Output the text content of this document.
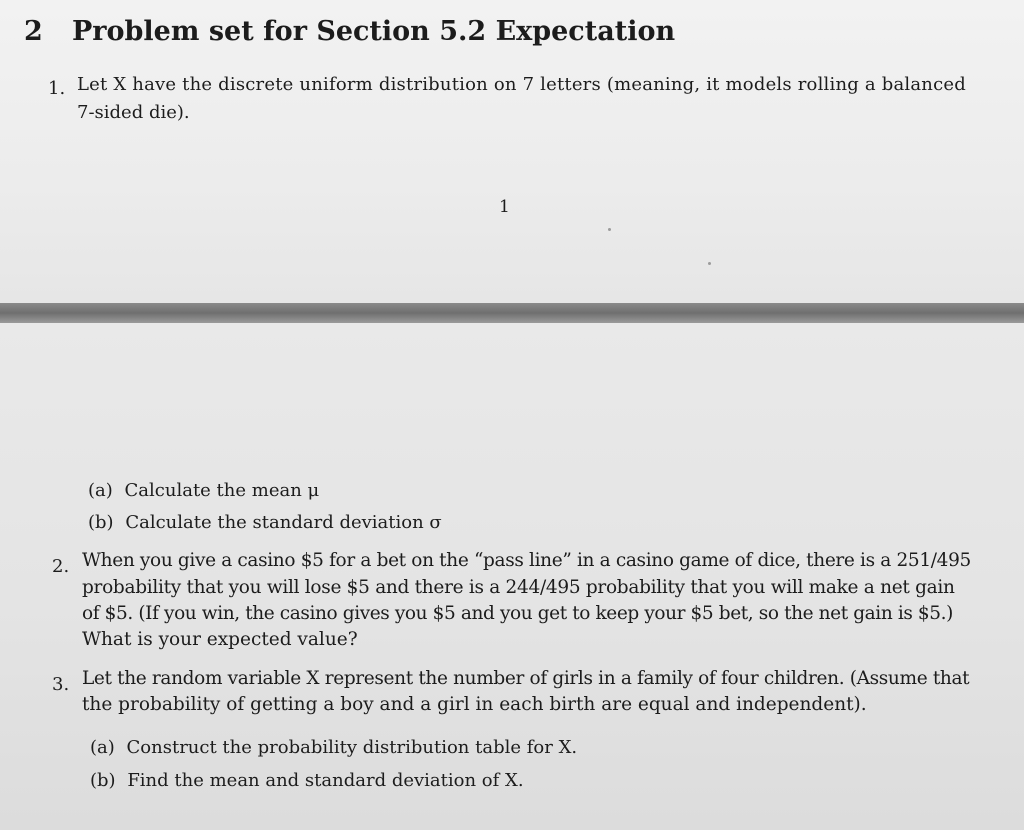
2 Problem set for Section 5.2 Expectation
1. Let X have the discrete uniform distribution on 7 letters (meaning, it models rolling a balanced
7-sided die).
1
(a) Calculate the mean μ
(b) Calculate the standard deviation σ
2. When you give a casino $5 for a bet on the “pass line” in a casino game of dice, there is a 251/495
probability that you will lose $5 and there is a 244/495 probability that you will make a net gain
of $5. (If you win, the casino gives you $5 and you get to keep your $5 bet, so the net gain is $5.)
What is your expected value?
3. Let the random variable X represent the number of girls in a family of four children. (Assume that
the probability of getting a boy and a girl in each birth are equal and independent).
(a) Construct the probability distribution table for X.
(b) Find the mean and standard deviation of X.
